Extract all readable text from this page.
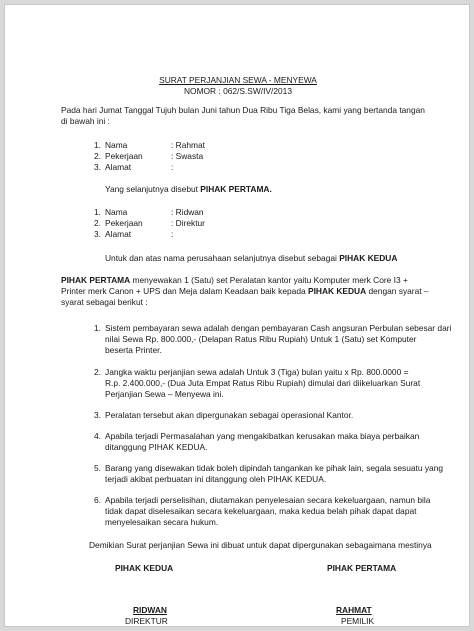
SURAT PERJANJIAN SEWA - MENYEWA
NOMOR : 062/S.SW/IV/2013
Pada hari Jumat Tanggal Tujuh bulan Juni tahun Dua Ribu Tiga Belas, kami yang bertanda tangan
di bawah ini :
1. Nama	: Rahmat
2. Pekerjaan	: Swasta
3. Alamat	:
Yang selanjutnya disebut PIHAK PERTAMA.
1. Nama	: Ridwan
2. Pekerjaan	: Direktur
3. Alamat	:
Untuk dan atas nama perusahaan selanjutnya disebut sebagai PIHAK KEDUA
PIHAK PERTAMA menyewakan 1 (Satu) set Peralatan kantor yaitu Komputer merk Core I3 +
Printer merk Canon + UPS dan Meja dalam Keadaan baik kepada PIHAK KEDUA dengan syarat –
syarat sebagai berikut :
1. Sistem pembayaran sewa adalah dengan pembayaran Cash angsuran Perbulan sebesar dari
nilai Sewa Rp. 800.000,- (Delapan Ratus Ribu Rupiah) Untuk 1 (Satu) set Komputer
beserta Printer.
2. Jangka waktu perjanjian sewa adalah Untuk 3 (Tiga) bulan yaitu x Rp. 800.0000 =
R.p. 2.400.000,- (Dua Juta Empat Ratus Ribu Rupiah) dimulai dari diikeluarkan Surat
Perjanjian Sewa – Menyewa ini.
3. Peralatan tersebut akan dipergunakan sebagai operasional Kantor.
4. Apabila terjadi Permasalahan yang mengakibatkan kerusakan maka biaya perbaikan
ditanggung PIHAK KEDUA.
5. Barang yang disewakan tidak boleh dipindah tangankan ke pihak lain, segala sesuatu yang
terjadi akibat perbuatan ini ditanggung oleh PIHAK KEDUA.
6. Apabila terjadi perselisihan, diutamakan penyelesaian secara kekeluargaan, namun bila
tidak dapat diselesaikan secara kekeluargaan, maka kedua belah pihak dapat dapat
menyelesaikan secara hukum.
Demikian Surat perjanjian Sewa ini dibuat untuk dapat dipergunakan sebagaimana mestinya
PIHAK KEDUA	PIHAK PERTAMA
RIDWAN
DIREKTUR
RAHMAT
PEMILIK
